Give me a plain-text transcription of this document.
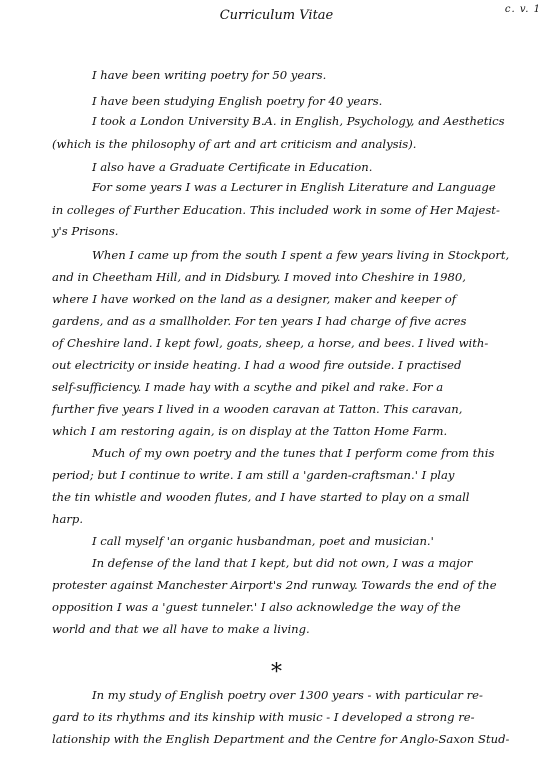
c. v. 1
Curriculum Vitae
I have been writing poetry for 50 years.
I have been studying English poetry for 40 years.
I took a London University B.A. in English, Psychology, and Aesthetics
(which is the philosophy of art and art criticism and analysis).
I also have a Graduate Certificate in Education.
For some years I was a Lecturer in English Literature and Language
in colleges of Further Education. This included work in some of Her Majest-
y's Prisons.
When I came up from the south I spent a few years living in Stockport,
and in Cheetham Hill, and in Didsbury. I moved into Cheshire in 1980,
where I have worked on the land as a designer, maker and keeper of
gardens, and as a smallholder. For ten years I had charge of five acres
of Cheshire land. I kept fowl, goats, sheep, a horse, and bees. I lived with-
out electricity or inside heating. I had a wood fire outside. I practised
self-sufficiency. I made hay with a scythe and pikel and rake. For a
further five years I lived in a wooden caravan at Tatton. This caravan,
which I am restoring again, is on display at the Tatton Home Farm.
Much of my own poetry and the tunes that I perform come from this
period; but I continue to write. I am still a 'garden-craftsman.' I play
the tin whistle and wooden flutes, and I have started to play on a small
harp.
I call myself 'an organic husbandman, poet and musician.'
In defense of the land that I kept, but did not own, I was a major
protester against Manchester Airport's 2nd runway. Towards the end of the
opposition I was a 'guest tunneler.' I also acknowledge the way of the
world and that we all have to make a living.
*
In my study of English poetry over 1300 years - with particular re-
gard to its rhythms and its kinship with music - I developed a strong re-
lationship with the English Department and the Centre for Anglo-Saxon Stud-
